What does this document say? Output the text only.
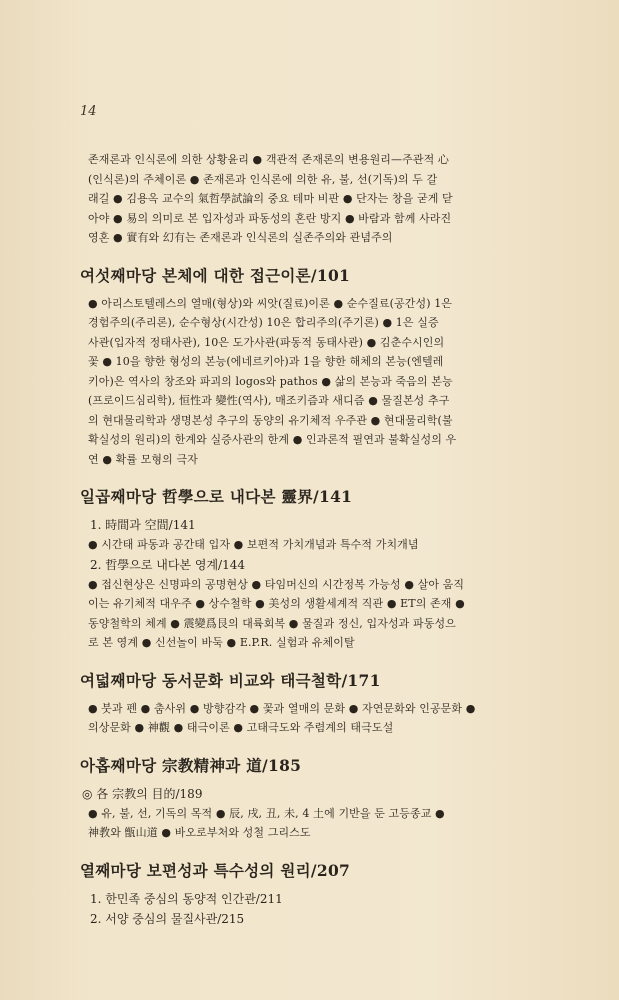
14
존재론과 인식론에 의한 상황윤리 ● 객관적 존재론의 변용원리—주관적 心
(인식론)의 주체이론 ● 존재론과 인식론에 의한 유, 불, 선(기독)의 두 갈
래길 ● 김용옥 교수의 氣哲學試論의 중요 테마 비판 ● 단자는 창을 굳게 닫
아야 ● 易의 의미로 본 입자성과 파동성의 혼란 방지 ● 바람과 함께 사라진
영혼 ● 實有와 幻有는 존재론과 인식론의 실존주의와 관념주의
여섯째마당 본체에 대한 접근이론/101
● 아리스토텔레스의 열매(형상)와 씨앗(질료)이론 ● 순수질료(공간성) 1은
경험주의(주리론), 순수형상(시간성) 10은 합리주의(주기론) ● 1은 실증
사관(입자적 정태사관), 10은 도가사관(파동적 동태사관) ● 김춘수시인의
꽃 ● 10을 향한 형성의 본능(에네르키아)과 1을 향한 해체의 본능(엔텔레
키아)은 역사의 창조와 파괴의 logos와 pathos ● 삶의 본능과 죽음의 본능
(프로이드심리학), 恒性과 變性(역사), 매조키즘과 새디즘 ● 물질본성 추구
의 현대물리학과 생명본성 추구의 동양의 유기체적 우주관 ● 현대물리학(불
확실성의 원리)의 한계와 실증사관의 한계 ● 인과론적 필연과 불확실성의 우
연 ● 확률 모형의 극자
일곱째마당 哲學으로 내다본 靈界/141
1. 時間과 空間/141
● 시간태 파동과 공간태 입자 ● 보편적 가치개념과 특수적 가치개념
2. 哲學으로 내다본 영계/144
● 접신현상은 신명파의 공명현상 ● 타임머신의 시간정복 가능성 ● 살아 움직
이는 유기체적 대우주 ● 상수철학 ● 美성의 생활세계적 직관 ● ET의 존재 ●
동양철학의 체계 ● 震變爲艮의 대륙회복 ● 물질과 정신, 입자성과 파동성으
로 본 영계 ● 신선놀이 바둑 ● E.P.R. 실험과 유체이탈
여덟째마당 동서문화 비교와 태극철학/171
● 붓과 펜 ● 춤사위 ● 방향감각 ● 꽃과 열매의 문화 ● 자연문화와 인공문화 ●
의상문화 ● 神觀 ● 태극이론 ● 고태극도와 주렴계의 태극도설
아홉째마당 宗教精神과 道/185
◎ 各 宗教의 目的/189
● 유, 불, 선, 기독의 목적 ● 辰, 戌, 丑, 未, 4 土에 기반을 둔 고등종교 ●
神教와 甑山道 ● 바오로부처와 성철 그리스도
열째마당 보편성과 특수성의 원리/207
1. 한민족 중심의 동양적 인간관/211
2. 서양 중심의 물질사관/215
